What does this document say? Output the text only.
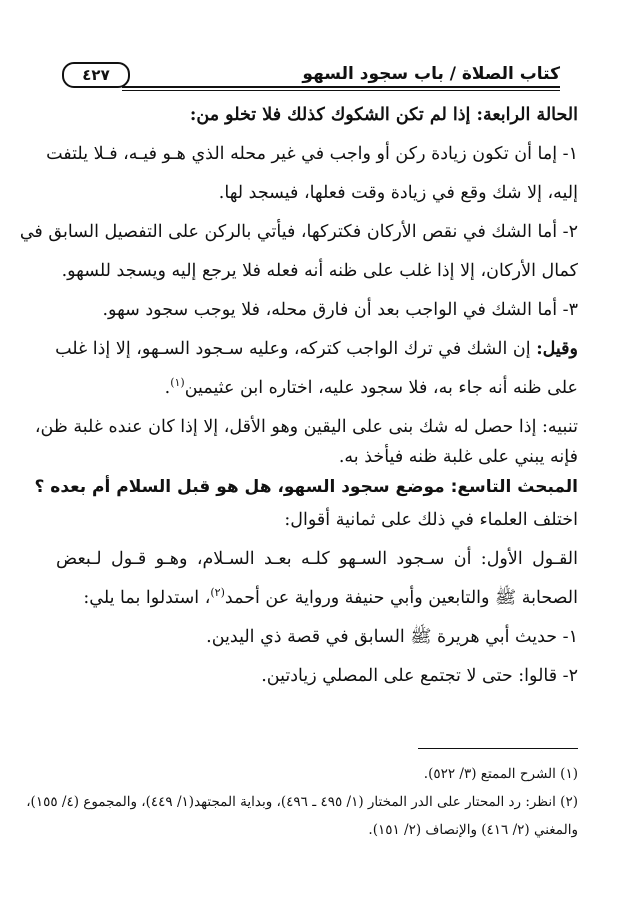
كتاب الصلاة / باب سجود السهو
٤٢٧
الحالة الرابعة: إذا لم تكن الشكوك كذلك فلا تخلو من:
١- إما أن تكون زيادة ركن أو واجب في غير محله الذي هـو فيـه، فـلا يلتفت
إليه، إلا شك وقع في زيادة وقت فعلها، فيسجد لها.
٢- أما الشك في نقص الأركان فكتركها، فيأتي بالركن على التفصيل السابق في
كمال الأركان، إلا إذا غلب على ظنه أنه فعله فلا يرجع إليه ويسجد للسهو.
٣- أما الشك في الواجب بعد أن فارق محله، فلا يوجب سجود سهو.
وقيل: إن الشك في ترك الواجب كتركه، وعليه سـجود السـهو، إلا إذا غلب
على ظنه أنه جاء به، فلا سجود عليه، اختاره ابن عثيمين$^{(١)}$.
تنبيه: إذا حصل له شك بنى على اليقين وهو الأقل، إلا إذا كان عنده غلبة ظن،
فإنه يبني على غلبة ظنه فيأخذ به.
المبحث التاسع: موضع سجود السهو، هل هو قبل السلام أم بعده ؟
اختلف العلماء في ذلك على ثمانية أقوال:
القـول الأول: أن سـجود السـهو كلـه بعـد السـلام، وهـو قـول لـبعض
الصحابة ﷺ والتابعين وأبي حنيفة ورواية عن أحمد$^{(٢)}$، استدلوا بما يلي:
١- حديث أبي هريرة ﷺ السابق في قصة ذي اليدين.
٢- قالوا: حتى لا تجتمع على المصلي زيادتين.
(١) الشرح الممتع (٣/ ٥٢٢).
(٢) انظر: رد المحتار على الدر المختار (١/ ٤٩٥ ـ ٤٩٦)، وبداية المجتهد(١/ ٤٤٩)، والمجموع (٤/ ١٥٥)،
والمغني (٢/ ٤١٦) والإنصاف (٢/ ١٥١).
